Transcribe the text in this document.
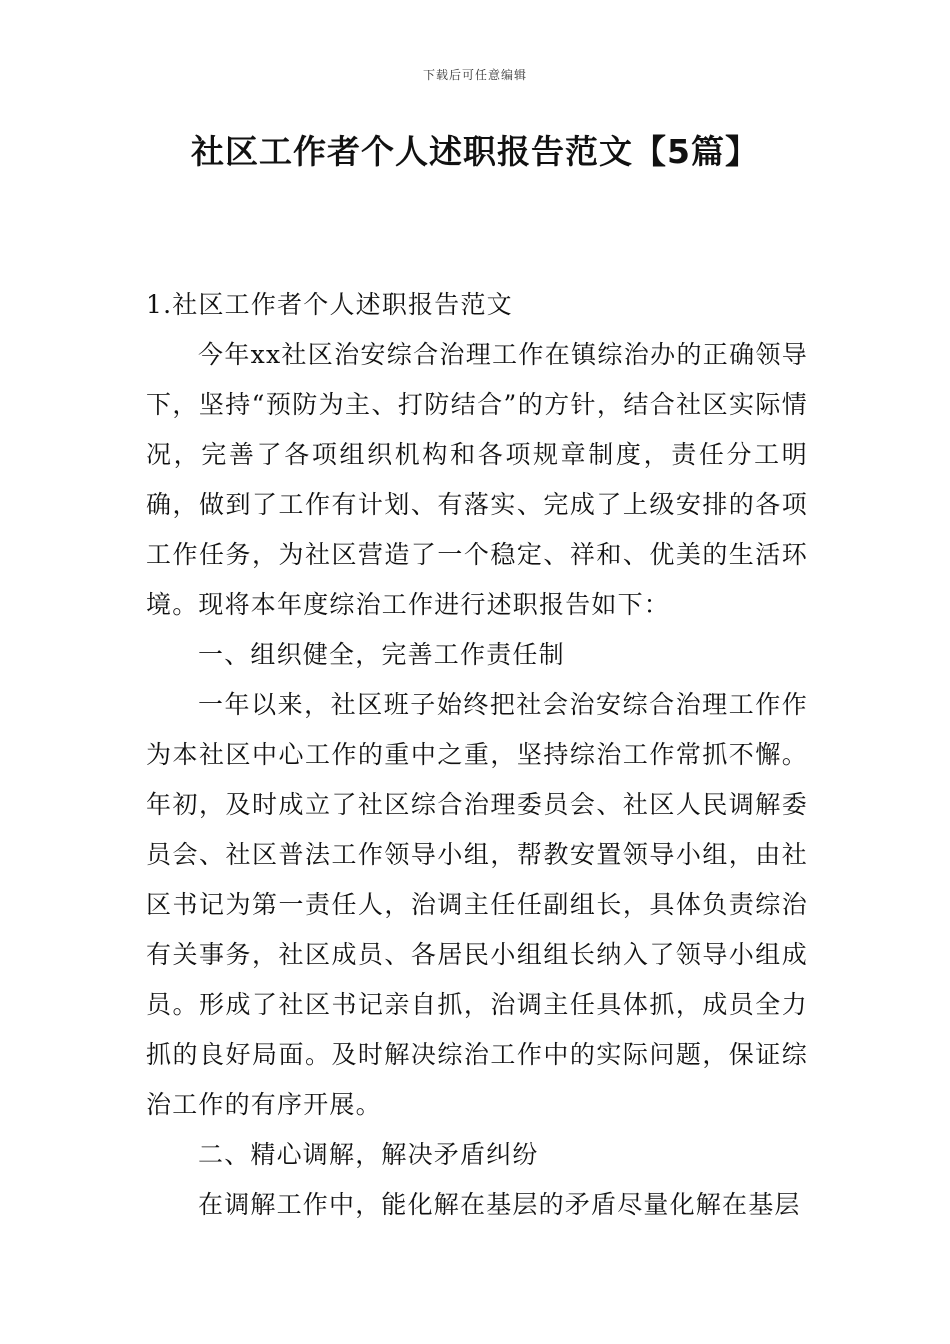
下载后可任意编辑
社区工作者个人述职报告范文【5篇】

1.社区工作者个人述职报告范文

今年xx社区治安综合治理工作在镇综治办的正确领导下，坚持“预防为主、打防结合”的方针，结合社区实际情况，完善了各项组织机构和各项规章制度，责任分工明确，做到了工作有计划、有落实、完成了上级安排的各项工作任务，为社区营造了一个稳定、祥和、优美的生活环境。现将本年度综治工作进行述职报告如下：

一、组织健全，完善工作责任制

一年以来，社区班子始终把社会治安综合治理工作作为本社区中心工作的重中之重，坚持综治工作常抓不懈。年初，及时成立了社区综合治理委员会、社区人民调解委员会、社区普法工作领导小组，帮教安置领导小组，由社区书记为第一责任人，治调主任任副组长，具体负责综治有关事务，社区成员、各居民小组组长纳入了领导小组成员。形成了社区书记亲自抓，治调主任具体抓，成员全力抓的良好局面。及时解决综治工作中的实际问题，保证综治工作的有序开展。

二、精心调解，解决矛盾纠纷

在调解工作中，能化解在基层的矛盾尽量化解在基层
